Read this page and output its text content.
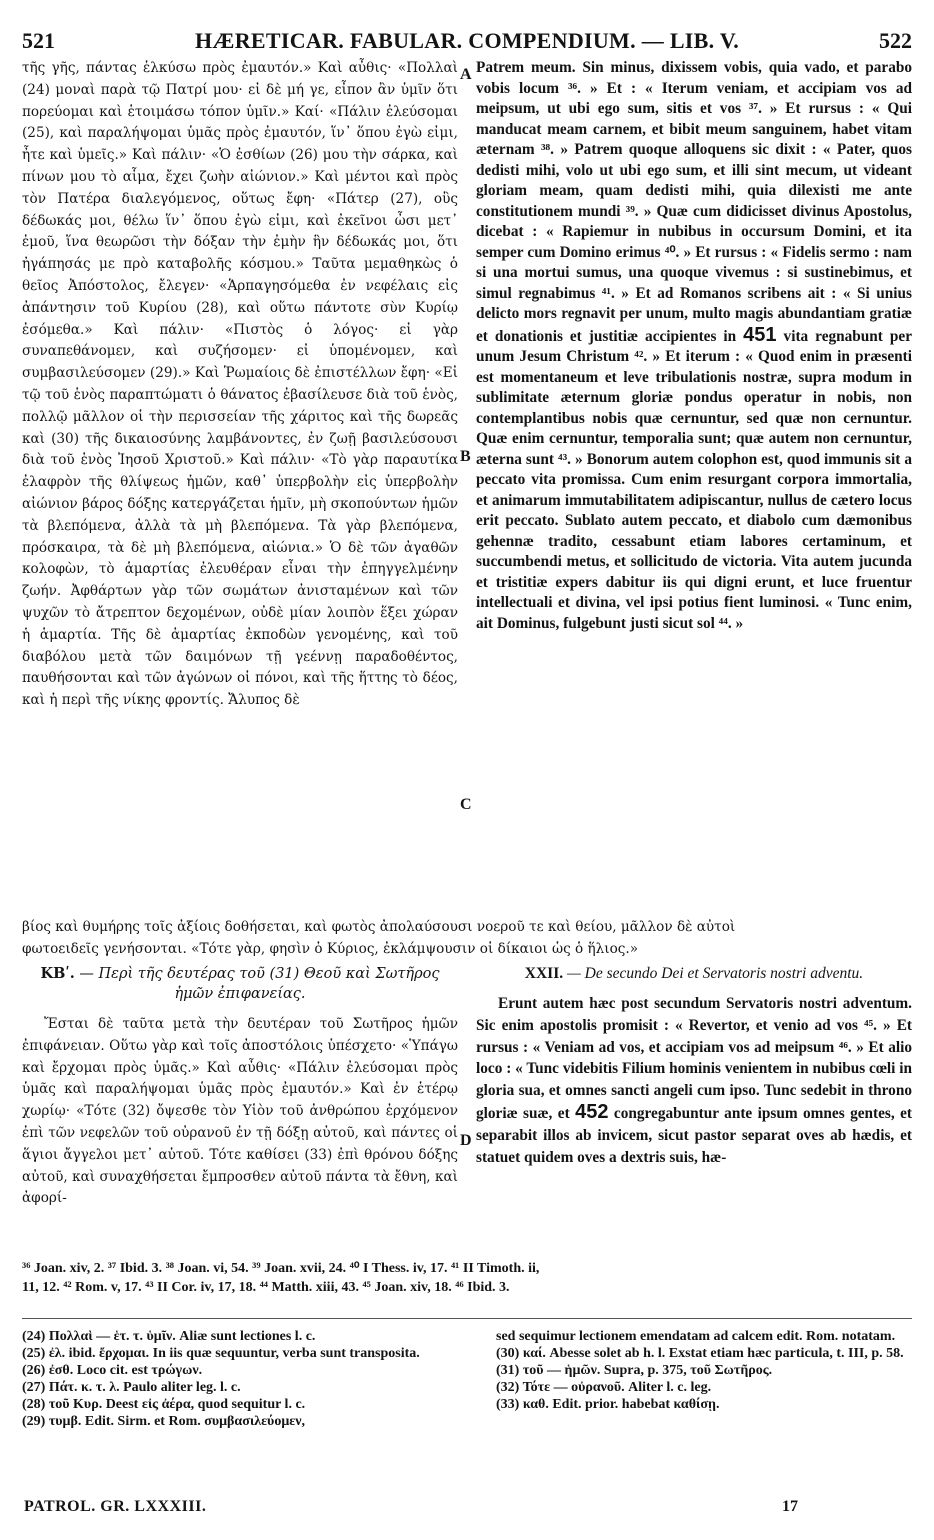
521	HÆRETICAR. FABULAR. COMPENDIUM. — LIB. V.	522

τῆς γῆς, πάντας ἑλκύσω πρὸς ἐμαυτόν.» Καὶ αὖθις· «Πολλαὶ (24) μοναὶ παρὰ τῷ Πατρί μου· εἰ δὲ μή γε, εἶπον ἂν ὑμῖν ὅτι πορεύομαι καὶ ἑτοιμάσω τόπον ὑμῖν.» Καί· «Πάλιν ἐλεύσομαι (25), καὶ παραλήψομαι ὑμᾶς πρὸς ἐμαυτόν, ἵν᾽ ὅπου ἐγὼ εἰμι, ἦτε καὶ ὑμεῖς.» Καὶ πάλιν· «Ὁ ἐσθίων (26) μου τὴν σάρκα, καὶ πίνων μου τὸ αἷμα, ἔχει ζωὴν αἰώνιον.» Καὶ μέντοι καὶ πρὸς τὸν Πατέρα διαλεγόμενος, οὕτως ἔφη· «Πάτερ (27), οὓς δέδωκάς μοι, θέλω ἵν᾽ ὅπου ἐγὼ εἰμι, καὶ ἐκεῖνοι ὦσι μετ᾽ ἐμοῦ, ἵνα θεωρῶσι τὴν δόξαν τὴν ἐμὴν ἣν δέδωκάς μοι, ὅτι ἠγάπησάς με πρὸ καταβολῆς κόσμου.» Ταῦτα μεμαθηκὼς ὁ θεῖος Ἀπόστολος, ἔλεγεν· «Ἁρπαγησόμεθα ἐν νεφέλαις εἰς ἀπάντησιν τοῦ Κυρίου (28), καὶ οὕτω πάντοτε σὺν Κυρίῳ ἐσόμεθα.» Καὶ πάλιν· «Πιστὸς ὁ λόγος· εἰ γὰρ συναπεθάνομεν, καὶ συζήσομεν· εἰ ὑπομένομεν, καὶ συμβασιλεύσομεν (29).» Καὶ Ῥωμαίοις δὲ ἐπιστέλλων ἔφη· «Εἰ τῷ τοῦ ἑνὸς παραπτώματι ὁ θάνατος ἐβασίλευσε διὰ τοῦ ἑνὸς, πολλῷ μᾶλλον οἱ τὴν περισσείαν τῆς χάριτος καὶ τῆς δωρεᾶς καὶ (30) τῆς δικαιοσύνης λαμβάνοντες, ἐν ζωῇ βασιλεύσουσι διὰ τοῦ ἑνὸς Ἰησοῦ Χριστοῦ.» Καὶ πάλιν· «Τὸ γὰρ παραυτίκα ἐλαφρὸν τῆς θλίψεως ἡμῶν, καθ᾽ ὑπερβολὴν εἰς ὑπερβολὴν αἰώνιον βάρος δόξης κατεργάζεται ἡμῖν, μὴ σκοπούντων ἡμῶν τὰ βλεπόμενα, ἀλλὰ τὰ μὴ βλεπόμενα. Τὰ γὰρ βλεπόμενα, πρόσκαιρα, τὰ δὲ μὴ βλεπόμενα, αἰώνια.» Ὁ δὲ τῶν ἀγαθῶν κολοφὼν, τὸ ἁμαρτίας ἐλευθέραν εἶναι τὴν ἐπηγγελμένην ζωήν. Ἀφθάρτων γὰρ τῶν σωμάτων ἀνισταμένων καὶ τῶν ψυχῶν τὸ ἄτρεπτον δεχομένων, οὐδὲ μίαν λοιπὸν ἕξει χώραν ἡ ἁμαρτία. Τῆς δὲ ἁμαρτίας ἐκποδὼν γενομένης, καὶ τοῦ διαβόλου μετὰ τῶν δαιμόνων τῇ γεέννῃ παραδοθέντος, παυθήσονται καὶ τῶν ἀγώνων οἱ πόνοι, καὶ τῆς ἥττης τὸ δέος, καὶ ἡ περὶ τῆς νίκης φροντίς. Ἄλυπος δὲ

A
B
C
D

Patrem meum. Sin minus, dixissem vobis, quia vado, et parabo vobis locum ³⁶. » Et : « Iterum veniam, et accipiam vos ad meipsum, ut ubi ego sum, sitis et vos ³⁷. » Et rursus : « Qui manducat meam carnem, et bibit meum sanguinem, habet vitam æternam ³⁸. » Patrem quoque alloquens sic dixit : « Pater, quos dedisti mihi, volo ut ubi ego sum, et illi sint mecum, ut videant gloriam meam, quam dedisti mihi, quia dilexisti me ante constitutionem mundi ³⁹. » Quæ cum didicisset divinus Apostolus, dicebat : « Rapiemur in nubibus in occursum Domini, et ita semper cum Domino erimus ⁴⁰. » Et rursus : « Fidelis sermo : nam si una mortui sumus, una quoque vivemus : si sustinebimus, et simul regnabimus ⁴¹. » Et ad Romanos scribens ait : « Si unius delicto mors regnavit per unum, multo magis abundantiam gratiæ et donationis et justitiæ accipientes in 451 vita regnabunt per unum Jesum Christum ⁴². » Et iterum : « Quod enim in præsenti est momentaneum et leve tribulationis nostræ, supra modum in sublimitate æternum gloriæ pondus operatur in nobis, non contemplantibus nobis quæ cernuntur, sed quæ non cernuntur. Quæ enim cernuntur, temporalia sunt; quæ autem non cernuntur, æterna sunt ⁴³. » Bonorum autem colophon est, quod immunis sit a peccato vita promissa. Cum enim resurgant corpora immortalia, et animarum immutabilitatem adipiscantur, nullus de cætero locus erit peccato. Sublato autem peccato, et diabolo cum dæmonibus gehennæ tradito, cessabunt etiam labores certaminum, et succumbendi metus, et sollicitudo de victoria. Vita autem jucunda et tristitiæ expers dabitur iis qui digni erunt, et luce fruentur intellectuali et divina, vel ipsi potius fient luminosi. « Tunc enim, ait Dominus, fulgebunt justi sicut sol ⁴⁴. »

βίος καὶ θυμήρης τοῖς ἀξίοις δοθήσεται, καὶ φωτὸς ἀπολαύσουσι νοεροῦ τε καὶ θείου, μᾶλλον δὲ αὐτοὶ
φωτοειδεῖς γενήσονται. «Τότε γὰρ, φησὶν ὁ Κύριος, ἐκλάμψουσιν οἱ δίκαιοι ὡς ὁ ἥλιος.»
ΚΒʹ. — Περὶ τῆς δευτέρας τοῦ (31) Θεοῦ καὶ Σωτῆρος ἡμῶν ἐπιφανείας.

Ἔσται δὲ ταῦτα μετὰ τὴν δευτέραν τοῦ Σωτῆρος ἡμῶν ἐπιφάνειαν. Οὕτω γὰρ καὶ τοῖς ἀποστόλοις ὑπέσχετο· «Ὑπάγω καὶ ἔρχομαι πρὸς ὑμᾶς.» Καὶ αὖθις· «Πάλιν ἐλεύσομαι πρὸς ὑμᾶς καὶ παραλήψομαι ὑμᾶς πρὸς ἐμαυτόν.» Καὶ ἐν ἑτέρῳ χωρίῳ· «Τότε (32) ὄψεσθε τὸν Υἱὸν τοῦ ἀνθρώπου ἐρχόμενον ἐπὶ τῶν νεφελῶν τοῦ οὐρανοῦ ἐν τῇ δόξῃ αὐτοῦ, καὶ πάντες οἱ ἅγιοι ἄγγελοι μετ᾽ αὐτοῦ. Τότε καθίσει (33) ἐπὶ θρόνου δόξης αὐτοῦ, καὶ συναχθήσεται ἔμπροσθεν αὐτοῦ πάντα τὰ ἔθνη, καὶ ἀφορί-

XXII. — De secundo Dei et Servatoris nostri adventu.

Erunt autem hæc post secundum Servatoris nostri adventum. Sic enim apostolis promisit : « Revertor, et venio ad vos ⁴⁵. » Et rursus : « Veniam ad vos, et accipiam vos ad meipsum ⁴⁶. » Et alio loco : « Tunc videbitis Filium hominis venientem in nubibus cœli in gloria sua, et omnes sancti angeli cum ipso. Tunc sedebit in throno gloriæ suæ, et 452 congregabuntur ante ipsum omnes gentes, et separabit illos ab invicem, sicut pastor separat oves ab hædis, et statuet quidem oves a dextris suis, hæ-

³⁶ Joan. xiv, 2. ³⁷ Ibid. 3. ³⁸ Joan. vi, 54. ³⁹ Joan. xvii, 24. ⁴⁰ I Thess. iv, 17. ⁴¹ II Timoth. ii,

11, 12. ⁴² Rom. v, 17. ⁴³ II Cor. iv, 17, 18. ⁴⁴ Matth. xiii, 43. ⁴⁵ Joan. xiv, 18. ⁴⁶ Ibid. 3.

(24) Πολλαὶ — ἑτ. τ. ὑμῖν. Aliæ sunt lectiones l. c.

(25) ἐλ. ibid. ἔρχομαι. In iis quæ sequuntur, verba sunt transposita.

(26) ἐσθ. Loco cit. est τρώγων.

(27) Πάτ. κ. τ. λ. Paulo aliter leg. l. c.

(28) τοῦ Κυρ. Deest εἰς ἀέρα, quod sequitur l. c.

(29) τυμβ. Edit. Sirm. et Rom. συμβασιλεύομεν,

sed sequimur lectionem emendatam ad calcem edit. Rom. notatam.

(30) καί. Abesse solet ab h. l. Exstat etiam hæc particula, t. III, p. 58.

(31) τοῦ — ἡμῶν. Supra, p. 375, τοῦ Σωτῆρος.

(32) Τότε — οὐρανοῦ. Aliter l. c. leg.

(33) καθ. Edit. prior. habebat καθίσῃ.

PATROL. GR. LXXXIII.	17
